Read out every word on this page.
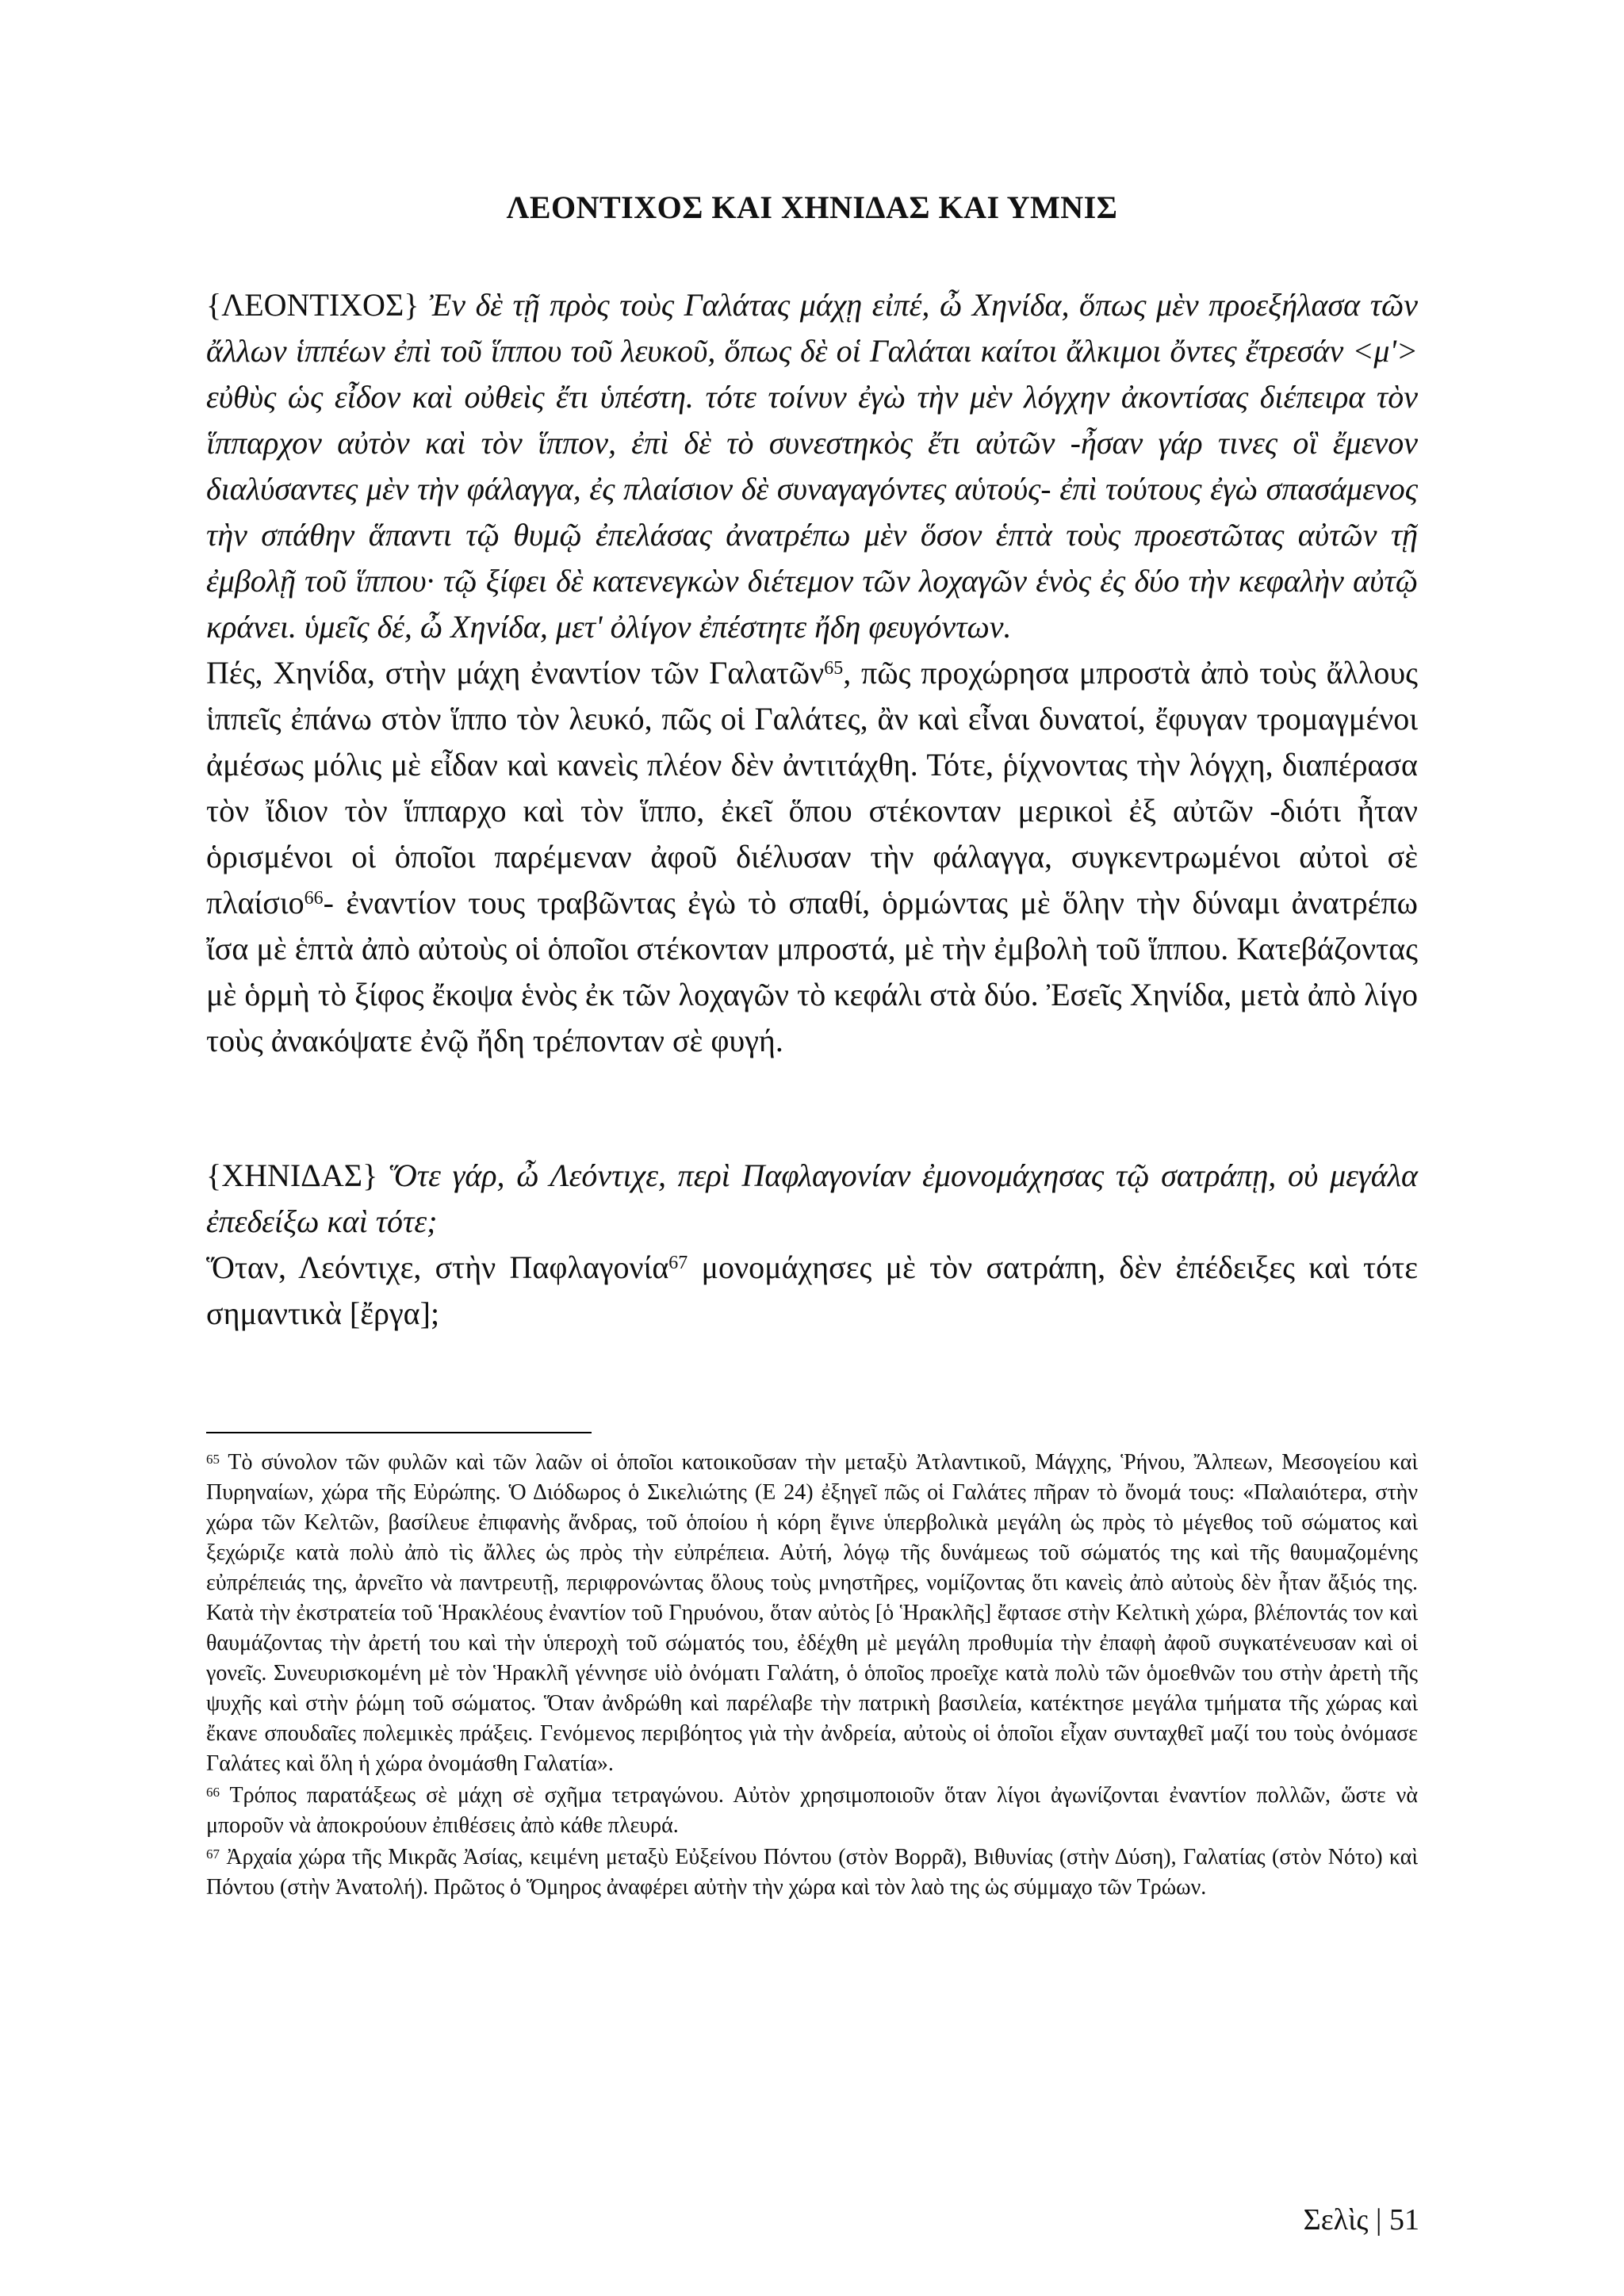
ΛΕΟΝΤΙΧΟΣ ΚΑΙ ΧΗΝΙΔΑΣ ΚΑΙ ΥΜΝΙΣ

{ΛΕΟΝΤΙΧΟΣ} Ἐν δὲ τῇ πρὸς τοὺς Γαλάτας μάχῃ εἰπέ, ὦ Χηνίδα, ὅπως μὲν προεξήλασα τῶν ἄλλων ἱππέων ἐπὶ τοῦ ἵππου τοῦ λευκοῦ, ὅπως δὲ οἱ Γαλάται καίτοι ἄλκιμοι ὄντες ἔτρεσάν <μ'> εὐθὺς ὡς εἶδον καὶ οὐθεὶς ἔτι ὑπέστη. τότε τοίνυν ἐγὼ τὴν μὲν λόγχην ἀκοντίσας διέπειρα τὸν ἵππαρχον αὐτὸν καὶ τὸν ἵππον, ἐπὶ δὲ τὸ συνεστηκὸς ἔτι αὐτῶν -ἦσαν γάρ τινες οἳ ἔμενον διαλύσαντες μὲν τὴν φάλαγγα, ἐς πλαίσιον δὲ συναγαγόντες αὑτούς- ἐπὶ τούτους ἐγὼ σπασάμενος τὴν σπάθην ἅπαντι τῷ θυμῷ ἐπελάσας ἀνατρέπω μὲν ὅσον ἑπτὰ τοὺς προεστῶτας αὐτῶν τῇ ἐμβολῇ τοῦ ἵππου· τῷ ξίφει δὲ κατενεγκὼν διέτεμον τῶν λοχαγῶν ἑνὸς ἐς δύο τὴν κεφαλὴν αὐτῷ κράνει. ὑμεῖς δέ, ὦ Χηνίδα, μετ' ὀλίγον ἐπέστητε ἤδη φευγόντων.

Πές, Χηνίδα, στὴν μάχη ἐναντίον τῶν Γαλατῶν$^{65}$, πῶς προχώρησα μπροστὰ ἀπὸ τοὺς ἄλλους ἱππεῖς ἐπάνω στὸν ἵππο τὸν λευκό, πῶς οἱ Γαλάτες, ἂν καὶ εἶναι δυνατοί, ἔφυγαν τρομαγμένοι ἀμέσως μόλις μὲ εἶδαν καὶ κανεὶς πλέον δὲν ἀντιτάχθη. Τότε, ῥίχνοντας τὴν λόγχη, διαπέρασα τὸν ἴδιον τὸν ἵππαρχο καὶ τὸν ἵππο, ἐκεῖ ὅπου στέκονταν μερικοὶ ἐξ αὐτῶν -διότι ἦταν ὁρισμένοι οἱ ὁποῖοι παρέμεναν ἀφοῦ διέλυσαν τὴν φάλαγγα, συγκεντρωμένοι αὐτοὶ σὲ πλαίσιο$^{66}$- ἐναντίον τους τραβῶντας ἐγὼ τὸ σπαθί, ὁρμώντας μὲ ὅλην τὴν δύναμι ἀνατρέπω ἴσα μὲ ἑπτὰ ἀπὸ αὐτοὺς οἱ ὁποῖοι στέκονταν μπροστά, μὲ τὴν ἐμβολὴ τοῦ ἵππου. Κατεβάζοντας μὲ ὁρμὴ τὸ ξίφος ἔκοψα ἑνὸς ἐκ τῶν λοχαγῶν τὸ κεφάλι στὰ δύο. Ἐσεῖς Χηνίδα, μετὰ ἀπὸ λίγο τοὺς ἀνακόψατε ἐνῷ ἤδη τρέπονταν σὲ φυγή.

{ΧΗΝΙΔΑΣ} Ὅτε γάρ, ὦ Λεόντιχε, περὶ Παφλαγονίαν ἐμονομάχησας τῷ σατράπῃ, οὐ μεγάλα ἐπεδείξω καὶ τότε;

Ὅταν, Λεόντιχε, στὴν Παφλαγονία$^{67}$ μονομάχησες μὲ τὸν σατράπη, δὲν ἐπέδειξες καὶ τότε σημαντικὰ [ἔργα];

$^{65}$ Τὸ σύνολον τῶν φυλῶν καὶ τῶν λαῶν οἱ ὁποῖοι κατοικοῦσαν τὴν μεταξὺ Ἀτλαντικοῦ, Μάγχης, Ῥήνου, Ἄλπεων, Μεσογείου καὶ Πυρηναίων, χώρα τῆς Εὐρώπης. Ὁ Διόδωρος ὁ Σικελιώτης (Ε 24) ἐξηγεῖ πῶς οἱ Γαλάτες πῆραν τὸ ὄνομά τους: «Παλαιότερα, στὴν χώρα τῶν Κελτῶν, βασίλευε ἐπιφανὴς ἄνδρας, τοῦ ὁποίου ἡ κόρη ἔγινε ὑπερβολικὰ μεγάλη ὡς πρὸς τὸ μέγεθος τοῦ σώματος καὶ ξεχώριζε κατὰ πολὺ ἀπὸ τὶς ἄλλες ὡς πρὸς τὴν εὐπρέπεια. Αὐτή, λόγῳ τῆς δυνάμεως τοῦ σώματός της καὶ τῆς θαυμαζομένης εὐπρέπειάς της, ἀρνεῖτο νὰ παντρευτῇ, περιφρονώντας ὅλους τοὺς μνηστῆρες, νομίζοντας ὅτι κανεὶς ἀπὸ αὐτοὺς δὲν ἦταν ἄξιός της. Κατὰ τὴν ἐκστρατεία τοῦ Ἡρακλέους ἐναντίον τοῦ Γηρυόνου, ὅταν αὐτὸς [ὁ Ἡρακλῆς] ἔφτασε στὴν Κελτικὴ χώρα, βλέποντάς τον καὶ θαυμάζοντας τὴν ἀρετή του καὶ τὴν ὑπεροχὴ τοῦ σώματός του, ἐδέχθη μὲ μεγάλη προθυμία τὴν ἐπαφὴ ἀφοῦ συγκατένευσαν καὶ οἱ γονεῖς. Συνευρισκομένη μὲ τὸν Ἡρακλῆ γέννησε υἱὸ ὀνόματι Γαλάτη, ὁ ὁποῖος προεῖχε κατὰ πολὺ τῶν ὁμοεθνῶν του στὴν ἀρετὴ τῆς ψυχῆς καὶ στὴν ῥώμη τοῦ σώματος. Ὅταν ἀνδρώθη καὶ παρέλαβε τὴν πατρικὴ βασιλεία, κατέκτησε μεγάλα τμήματα τῆς χώρας καὶ ἔκανε σπουδαῖες πολεμικὲς πράξεις. Γενόμενος περιβόητος γιὰ τὴν ἀνδρεία, αὐτοὺς οἱ ὁποῖοι εἶχαν συνταχθεῖ μαζί του τοὺς ὀνόμασε Γαλάτες καὶ ὅλη ἡ χώρα ὀνομάσθη Γαλατία».

$^{66}$ Τρόπος παρατάξεως σὲ μάχη σὲ σχῆμα τετραγώνου. Αὐτὸν χρησιμοποιοῦν ὅταν λίγοι ἀγωνίζονται ἐναντίον πολλῶν, ὥστε νὰ μποροῦν νὰ ἀποκρούουν ἐπιθέσεις ἀπὸ κάθε πλευρά.

$^{67}$ Ἀρχαία χώρα τῆς Μικρᾶς Ἀσίας, κειμένη μεταξὺ Εὐξείνου Πόντου (στὸν Βορρᾶ), Βιθυνίας (στὴν Δύση), Γαλατίας (στὸν Νότο) καὶ Πόντου (στὴν Ἀνατολή). Πρῶτος ὁ Ὅμηρος ἀναφέρει αὐτὴν τὴν χώρα καὶ τὸν λαὸ της ὡς σύμμαχο τῶν Τρώων.

Σελὶς | 51
